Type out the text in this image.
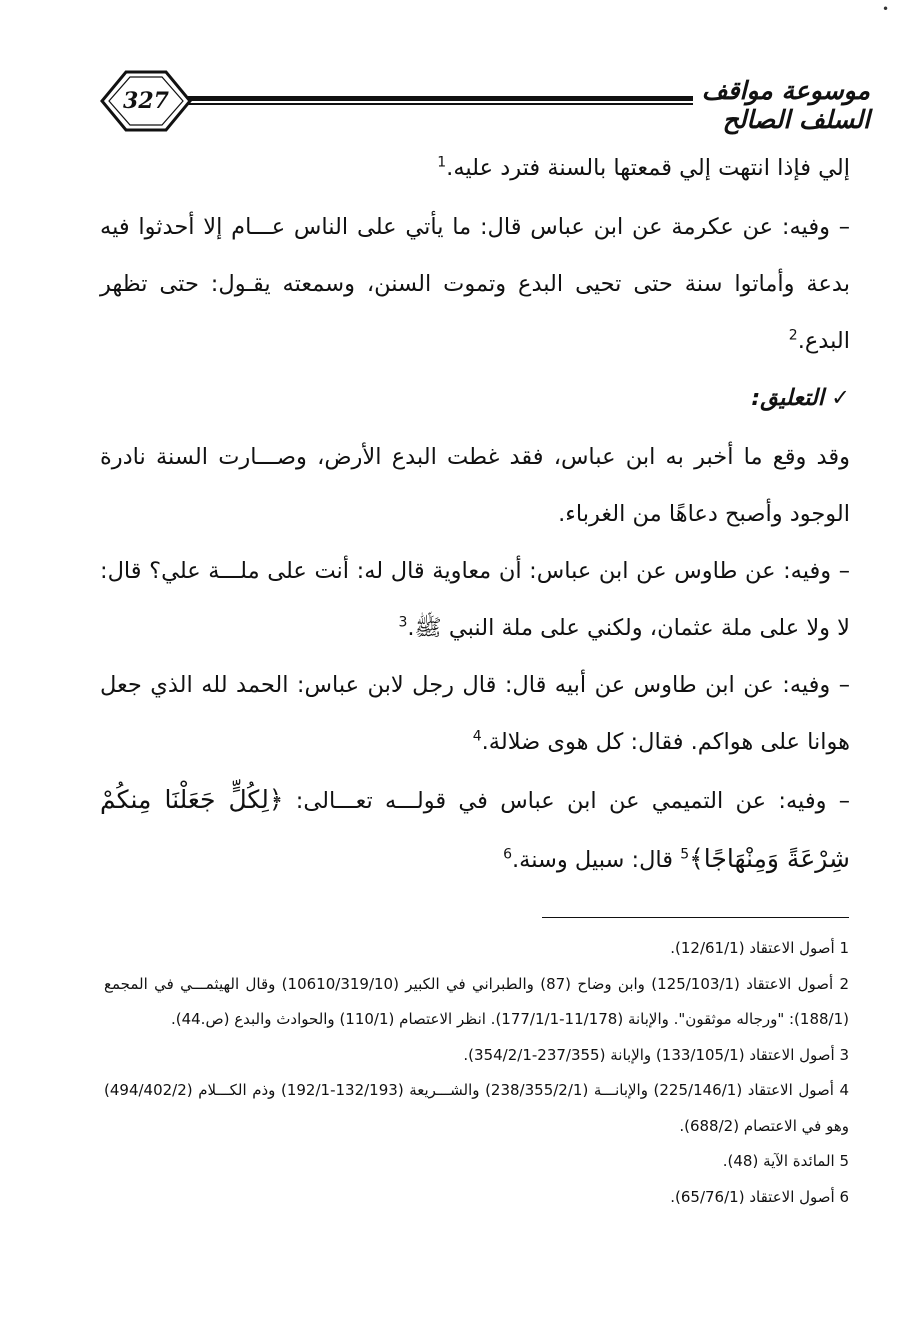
•
327	موسوعة مواقف السلف الصالح

إلي فإذا انتهت إلي قمعتها بالسنة فترد عليه.$^1$

– وفيه: عن عكرمة عن ابن عباس قال: ما يأتي على الناس عـــام إلا أحدثوا فيه بدعة وأماتوا سنة حتى تحيى البدع وتموت السنن، وسمعته يقـول: حتى تظهر البدع.$^2$

✓ التعليق:

وقد وقع ما أخبر به ابن عباس، فقد غطت البدع الأرض، وصـــارت السنة نادرة الوجود وأصبح دعاهًا من الغرباء.

– وفيه: عن طاوس عن ابن عباس: أن معاوية قال له: أنت على ملـــة علي؟ قال: لا ولا على ملة عثمان، ولكني على ملة النبي ﷺ.$^3$

– وفيه: عن ابن طاوس عن أبيه قال: قال رجل لابن عباس: الحمد لله الذي جعل هوانا على هواكم. فقال: كل هوى ضلالة.$^4$

– وفيه: عن التميمي عن ابن عباس في قولـــه تعـــالى: ﴿لِكُلٍّ جَعَلْنَا مِنكُمْ شِرْعَةً وَمِنْهَاجًا﴾$^5$ قال: سبيل وسنة.$^6$

1 أصول الاعتقاد (12/61/1).

2 أصول الاعتقاد (125/103/1) وابن وضاح (87) والطبراني في الكبير (10610/319/10) وقال الهيثمـــي في المجمع (188/1): "ورجاله موثقون". والإبانة (11/178-177/1/1). انظر الاعتصام (110/1) والحوادث والبدع (ص.44).

3 أصول الاعتقاد (133/105/1) والإبانة (237/355-354/2/1).

4 أصول الاعتقاد (225/146/1) والإبانـــة (238/355/2/1) والشـــريعة (132/193-192/1) وذم الكـــلام (494/402/2) وهو في الاعتصام (688/2).

5 المائدة الآية (48).

6 أصول الاعتقاد (65/76/1).
